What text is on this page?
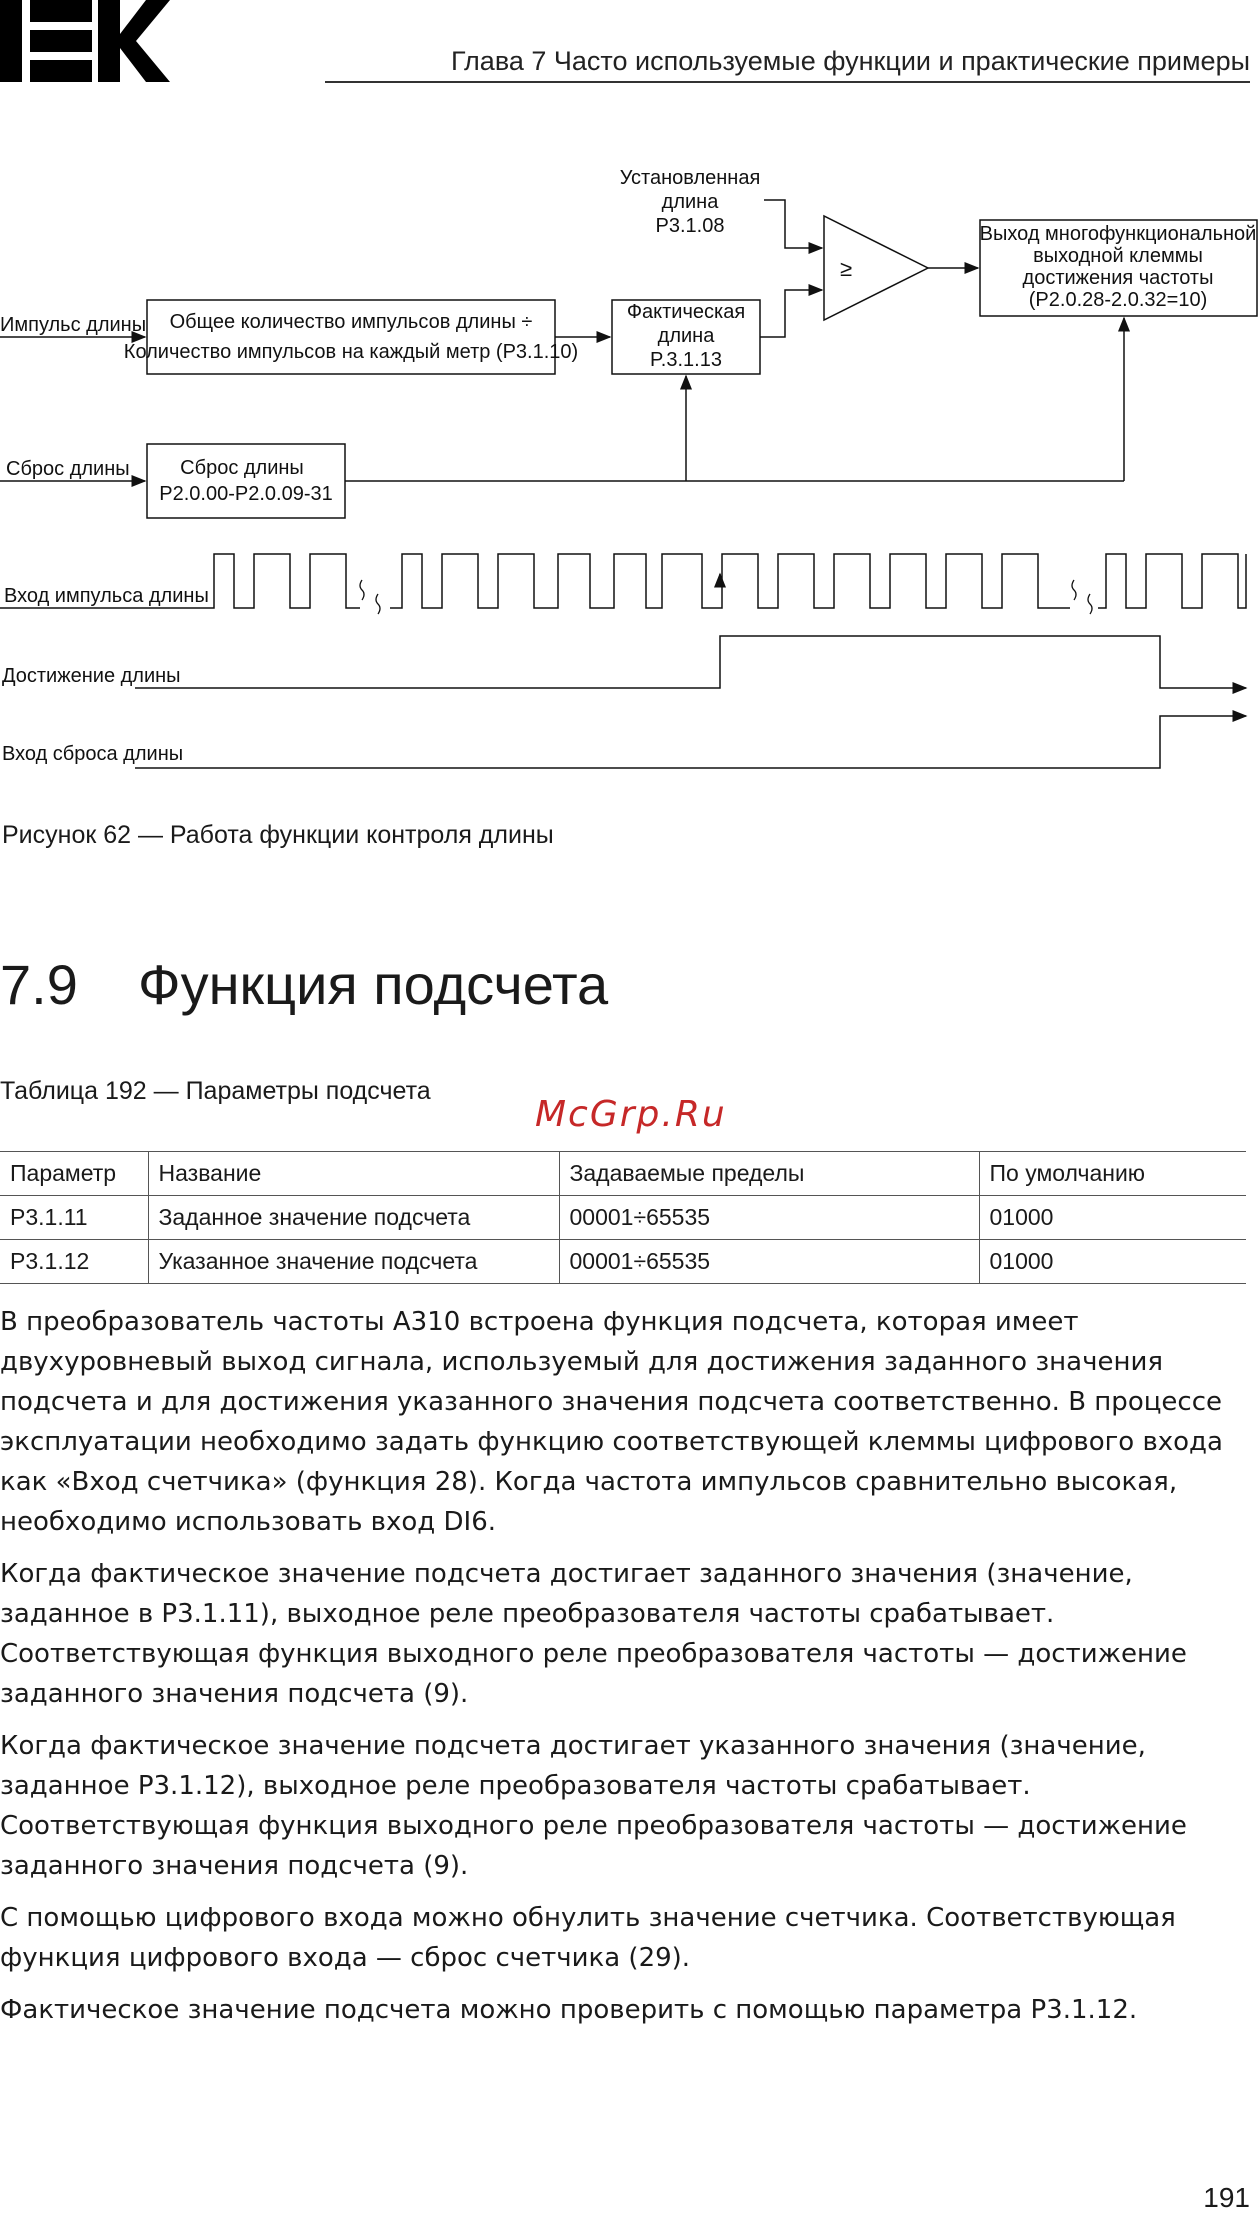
Глава 7 Часто используемые функции и практические примеры
Импульс длины Общее количество импульсов длины ÷
Количество импульсов на каждый метр (P3.1.10)
Фактическая
длина
P.3.1.13
Установленная
длина
P3.1.08
≥
Выход многофункциональной
выходной клеммы
достижения частоты
(P2.0.28-2.0.32=10)
Сброс длины	Сброс длины
P2.0.00-P2.0.09-31
Вход импульса длины
Достижение длины
Вход сброса длины
Рисунок 62 — Работа функции контроля длины
7.9 Функция подсчета
Таблица 192 — Параметры подсчета
McGrp.Ru
Параметр	Название	Задаваемые пределы	По умолчанию
P3.1.11	Заданное значение подсчета	00001÷65535	01000
P3.1.12	Указанное значение подсчета	00001÷65535	01000

В преобразователь частоты A310 встроена функция подсчета, которая имеет двухуровневый выход сигнала, используемый для достижения заданного значения подсчета и для достижения указанного значения подсчета соответственно. В процессе эксплуатации необходимо задать функцию соответствующей клеммы цифрового входа как «Вход счетчика» (функция 28). Когда частота импульсов сравнительно высокая, необходимо использовать вход DI6.

Когда фактическое значение подсчета достигает заданного значения (значение, заданное в P3.1.11), выходное реле преобразователя частоты срабатывает. Соответствующая функция выходного реле преобразователя частоты — достижение заданного значения подсчета (9).

Когда фактическое значение подсчета достигает указанного значения (значение, заданное P3.1.12), выходное реле преобразователя частоты срабатывает. Соответствующая функция выходного реле преобразователя частоты — достижение заданного значения подсчета (9).

С помощью цифрового входа можно обнулить значение счетчика. Соответствующая функция цифрового входа — сброс счетчика (29).

Фактическое значение подсчета можно проверить с помощью параметра P3.1.12.

191
